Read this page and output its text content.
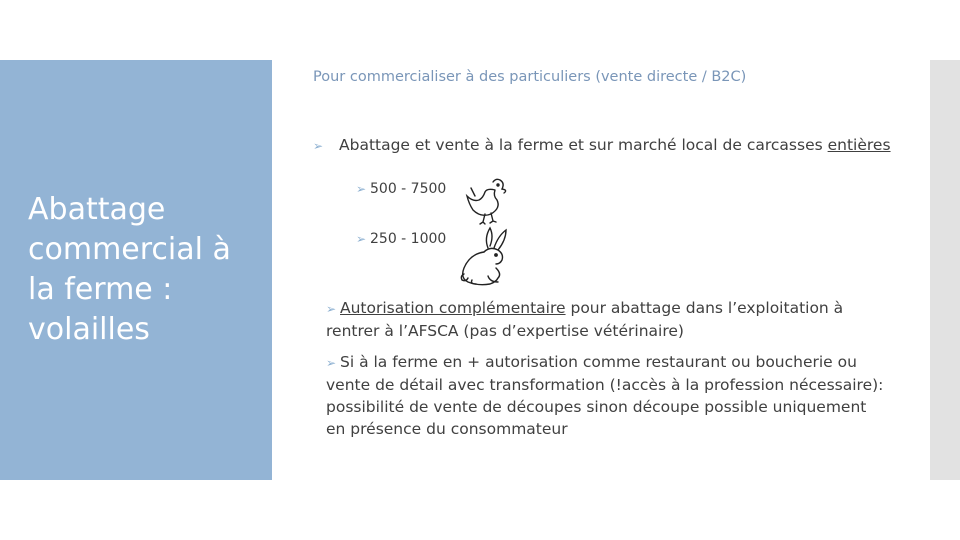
Abattage commercial à la ferme : volailles
Pour commercialiser à des particuliers (vente directe / B2C)
➢ Abattage et vente à la ferme et sur marché local de carcasses entières
➢ 500 - 7500
➢ 250 - 1000
➢ Autorisation complémentaire pour abattage dans l’exploitation à rentrer à l’AFSCA (pas d’expertise vétérinaire)
➢ Si à la ferme en + autorisation comme restaurant ou boucherie ou vente de détail avec transformation (!accès à la profession nécessaire): possibilité de vente de découpes sinon découpe possible uniquement en présence du consommateur
